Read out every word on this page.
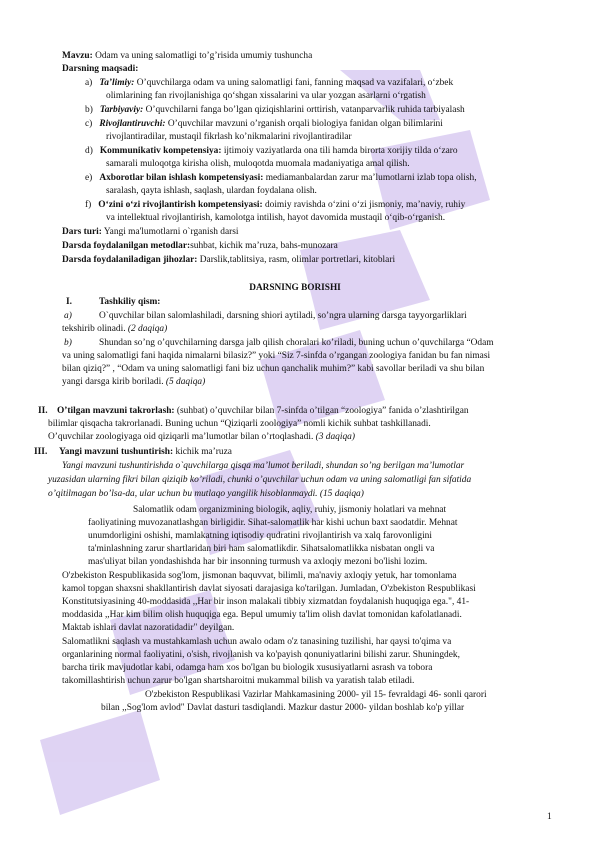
Mavzu: Odam va uning salomatligi to’g’risida umumiy tushuncha
Darsning maqsadi:
a) Ta’limiy: O’quvchilarga odam va uning salomatligi fani, fanning maqsad va vazifalari, o‘zbek
olimlarining fan rivojlanishiga qo‘shgan xissalarini va ular yozgan asarlarni o‘rgatish
b) Tarbiyaviy: O’quvchilarni fanga bo’lgan qiziqishlarini orttirish, vatanparvarlik ruhida tarbiyalash
c) Rivojlantiruvchi: O’quvchilar mavzuni o’rganish orqali biologiya fanidan olgan bilimlarini
rivojlantiradilar, mustaqil fikrlash ko’nikmalarini rivojlantiradilar
d) Kommunikativ kompetensiya: ijtimoiy vaziyatlarda ona tili hamda birorta xorijiy tilda o‘zaro
samarali muloqotga kirisha olish, muloqotda muomala madaniyatiga amal qilish.
e) Axborotlar bilan ishlash kompetensiyasi: mediamanbalardan zarur ma’lumotlarni izlab topa olish,
saralash, qayta ishlash, saqlash, ulardan foydalana olish.
f) O‘zini o‘zi rivojlantirish kompetensiyasi: doimiy ravishda o‘zini o‘zi jismoniy, ma’naviy, ruhiy
va intellektual rivojlantirish, kamolotga intilish, hayot davomida mustaqil o‘qib-o‘rganish.
Dars turi: Yangi ma'lumotlarni o`rganish darsi
Darsda foydalanilgan metodlar:suhbat, kichik ma’ruza, bahs-munozara
Darsda foydalaniladigan jihozlar: Darslik,tablitsiya, rasm, olimlar portretlari, kitoblari
DARSNING BORISHI
I.	Tashkiliy qism:
a)	O`quvchilar bilan salomlashiladi, darsning shiori aytiladi, so’ngra ularning darsga tayyorgarliklari
tekshirib olinadi. (2 daqiqa)
b)	Shundan so’ng o’quvchilarning darsga jalb qilish choralari ko’riladi, buning uchun o’quvchilarga “Odam
va uning salomatligi fani haqida nimalarni bilasiz?” yoki “Siz 7-sinfda o’rgangan zoologiya fanidan bu fan nimasi
bilan qiziq?” , “Odam va uning salomatligi fani biz uchun qanchalik muhim?” kabi savollar beriladi va shu bilan
yangi darsga kirib boriladi. (5 daqiqa)
II. O’tilgan mavzuni takrorlash: (suhbat) o’quvchilar bilan 7-sinfda o’tilgan “zoologiya” fanida o’zlashtirilgan
bilimlar qisqacha takrorlanadi. Buning uchun “Qiziqarli zoologiya” nomli kichik suhbat tashkillanadi.
O’quvchilar zoologiyaga oid qiziqarli ma’lumotlar bilan o’rtoqlashadi. (3 daqiqa)
III. Yangi mavzuni tushuntirish: kichik ma’ruza
Yangi mavzuni tushuntirishda o`quvchilarga qisqa ma’lumot beriladi, shundan so’ng berilgan ma’lumotlar
yuzasidan ularning fikri bilan qiziqib ko’riladi, chunki o’quvchilar uchun odam va uning salomatligi fan sifatida
o’qitilmagan bo’lsa-da, ular uchun bu mutlaqo yangilik hisoblanmaydi. (15 daqiqa)
Salomatlik odam organizmining biologik, aqliy, ruhiy, jismoniy holatlari va mehnat
faoliyatining muvozanatlashgan birligidir. Sihat-salomatlik har kishi uchun baxt saodatdir. Mehnat
unumdorligini oshishi, mamlakatning iqtisodiy qudratini rivojlantirish va xalq farovonligini
ta'minlashning zarur shartlaridan biri ham salomatlikdir. Sihatsalomatlikka nisbatan ongli va
mas'uliyat bilan yondashishda har bir insonning turmush va axloqiy mezoni bo'lishi lozim.
O'zbekiston Respublikasida sog'lom, jismonan baquvvat, bilimli, ma'naviy axloqiy yetuk, har tomonlama
kamol topgan shaxsni shakllantirish davlat siyosati darajasiga ko'tarilgan. Jumladan, O'zbekiston Respublikasi
Konstitutsiyasining 40-moddasida ,,Har bir inson malakali tibbiy xizmatdan foydalanish huquqiga ega.", 41-
moddasida ,,Har kim bilim olish huquqiga ega. Bepul umumiy ta'lim olish davlat tomonidan kafolatlanadi.
Maktab ishlari davlat nazoratidadir" deyilgan.
Salomatlikni saqlash va mustahkamlash uchun awalo odam o'z tanasining tuzilishi, har qaysi to'qima va
organlarining normal faoliyatini, o'sish, rivojlanish va ko'payish qonuniyatlarini bilishi zarur. Shuningdek,
barcha tirik mavjudotlar kabi, odamga ham xos bo'lgan bu biologik xususiyatlarni asrash va tobora
takomillashtirish uchun zarur bo'lgan shartsharoitni mukammal bilish va yaratish talab etiladi.
O'zbekiston Respublikasi Vazirlar Mahkamasining 2000- yil 15- fevraldagi 46- sonli qarori
bilan ,,Sog'lom avlod" Davlat dasturi tasdiqlandi. Mazkur dastur 2000- yildan boshlab ko'p yillar
1
